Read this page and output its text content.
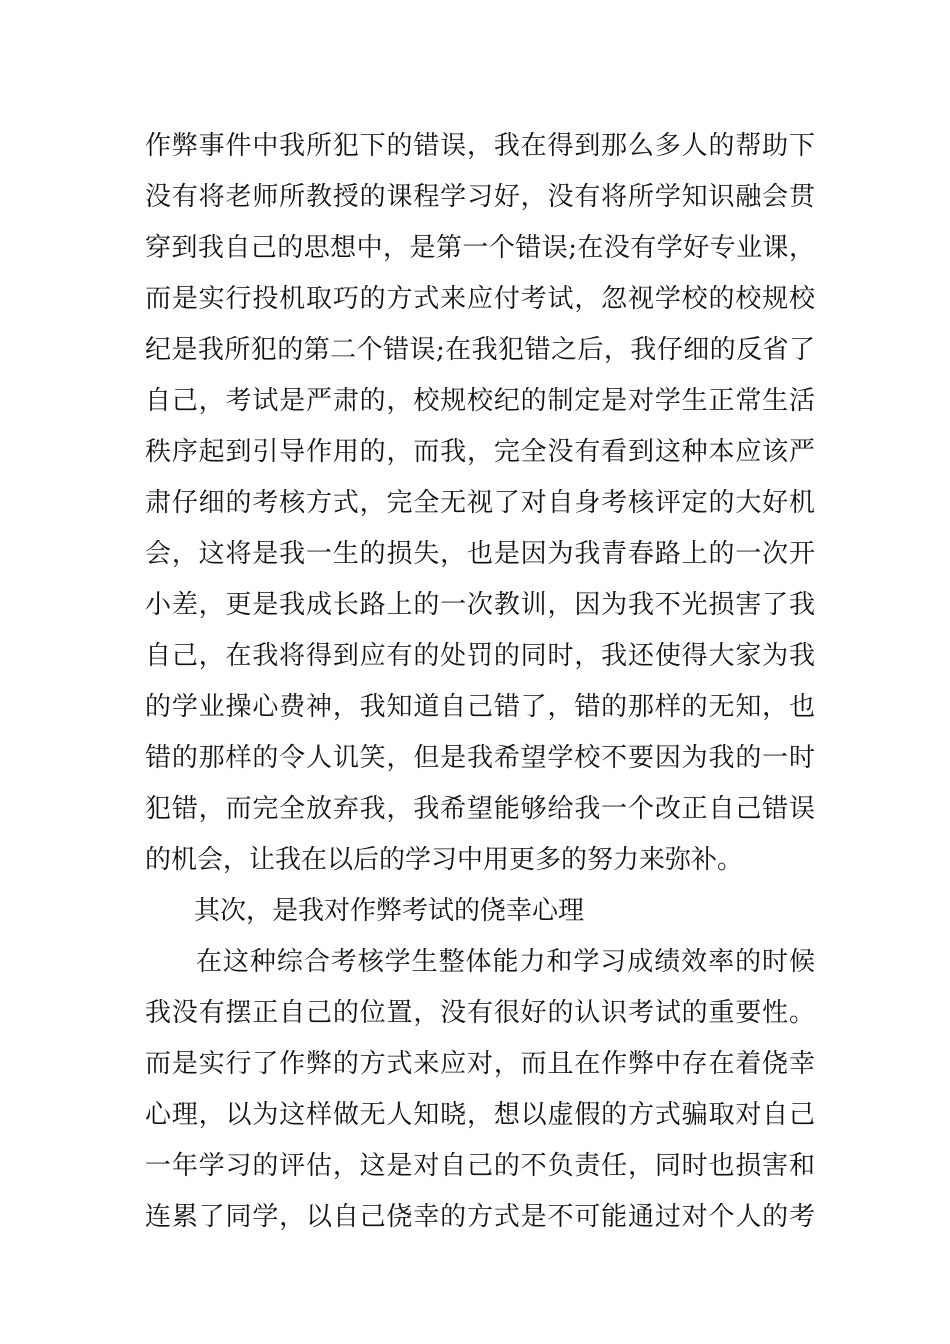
作弊事件中我所犯下的错误，我在得到那么多人的帮助下
没有将老师所教授的课程学习好，没有将所学知识融会贯
穿到我自己的思想中，是第一个错误;在没有学好专业课，
而是实行投机取巧的方式来应付考试，忽视学校的校规校
纪是我所犯的第二个错误;在我犯错之后，我仔细的反省了
自己，考试是严肃的，校规校纪的制定是对学生正常生活
秩序起到引导作用的，而我，完全没有看到这种本应该严
肃仔细的考核方式，完全无视了对自身考核评定的大好机
会，这将是我一生的损失，也是因为我青春路上的一次开
小差，更是我成长路上的一次教训，因为我不光损害了我
自己，在我将得到应有的处罚的同时，我还使得大家为我
的学业操心费神，我知道自己错了，错的那样的无知，也
错的那样的令人讥笑，但是我希望学校不要因为我的一时
犯错，而完全放弃我，我希望能够给我一个改正自己错误
的机会，让我在以后的学习中用更多的努力来弥补。
其次，是我对作弊考试的侥幸心理
在这种综合考核学生整体能力和学习成绩效率的时候
我没有摆正自己的位置，没有很好的认识考试的重要性。
而是实行了作弊的方式来应对，而且在作弊中存在着侥幸
心理，以为这样做无人知晓，想以虚假的方式骗取对自己
一年学习的评估，这是对自己的不负责任，同时也损害和
连累了同学，以自己侥幸的方式是不可能通过对个人的考
